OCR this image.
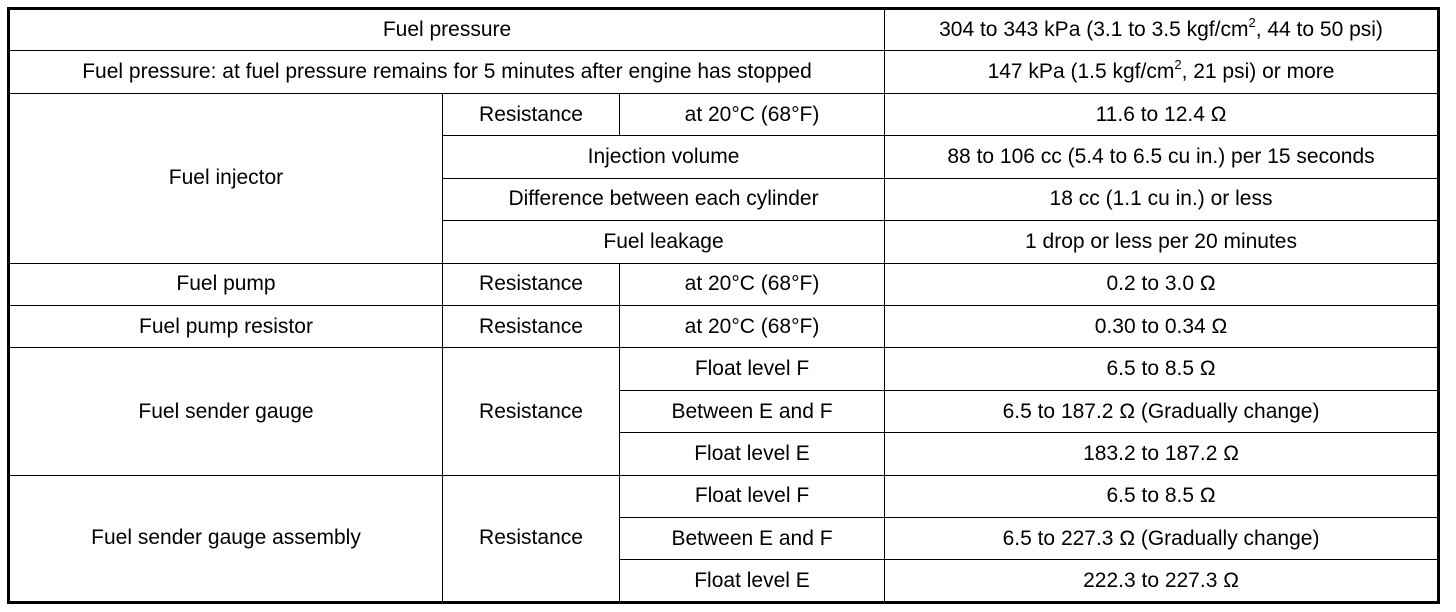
Fuel pressure			304 to 343 kPa (3.1 to 3.5 kgf/$cm^2$, 44 to 50 psi)
Fuel pressure: at fuel pressure remains for 5 minutes after engine has stopped			147 kPa (1.5 kgf/$cm^2$, 21 psi) or more
Fuel injector	Resistance	at 20°C (68°F)	11.6 to 12.4 Ω
	Injection volume		88 to 106 cc (5.4 to 6.5 cu in.) per 15 seconds
	Difference between each cylinder		18 cc (1.1 cu in.) or less
	Fuel leakage		1 drop or less per 20 minutes
Fuel pump	Resistance	at 20°C (68°F)	0.2 to 3.0 Ω
Fuel pump resistor	Resistance	at 20°C (68°F)	0.30 to 0.34 Ω
Fuel sender gauge	Resistance	Float level F	6.5 to 8.5 Ω
		Between E and F	6.5 to 187.2 Ω (Gradually change)
		Float level E	183.2 to 187.2 Ω
Fuel sender gauge assembly	Resistance	Float level F	6.5 to 8.5 Ω
		Between E and F	6.5 to 227.3 Ω (Gradually change)
		Float level E	222.3 to 227.3 Ω
